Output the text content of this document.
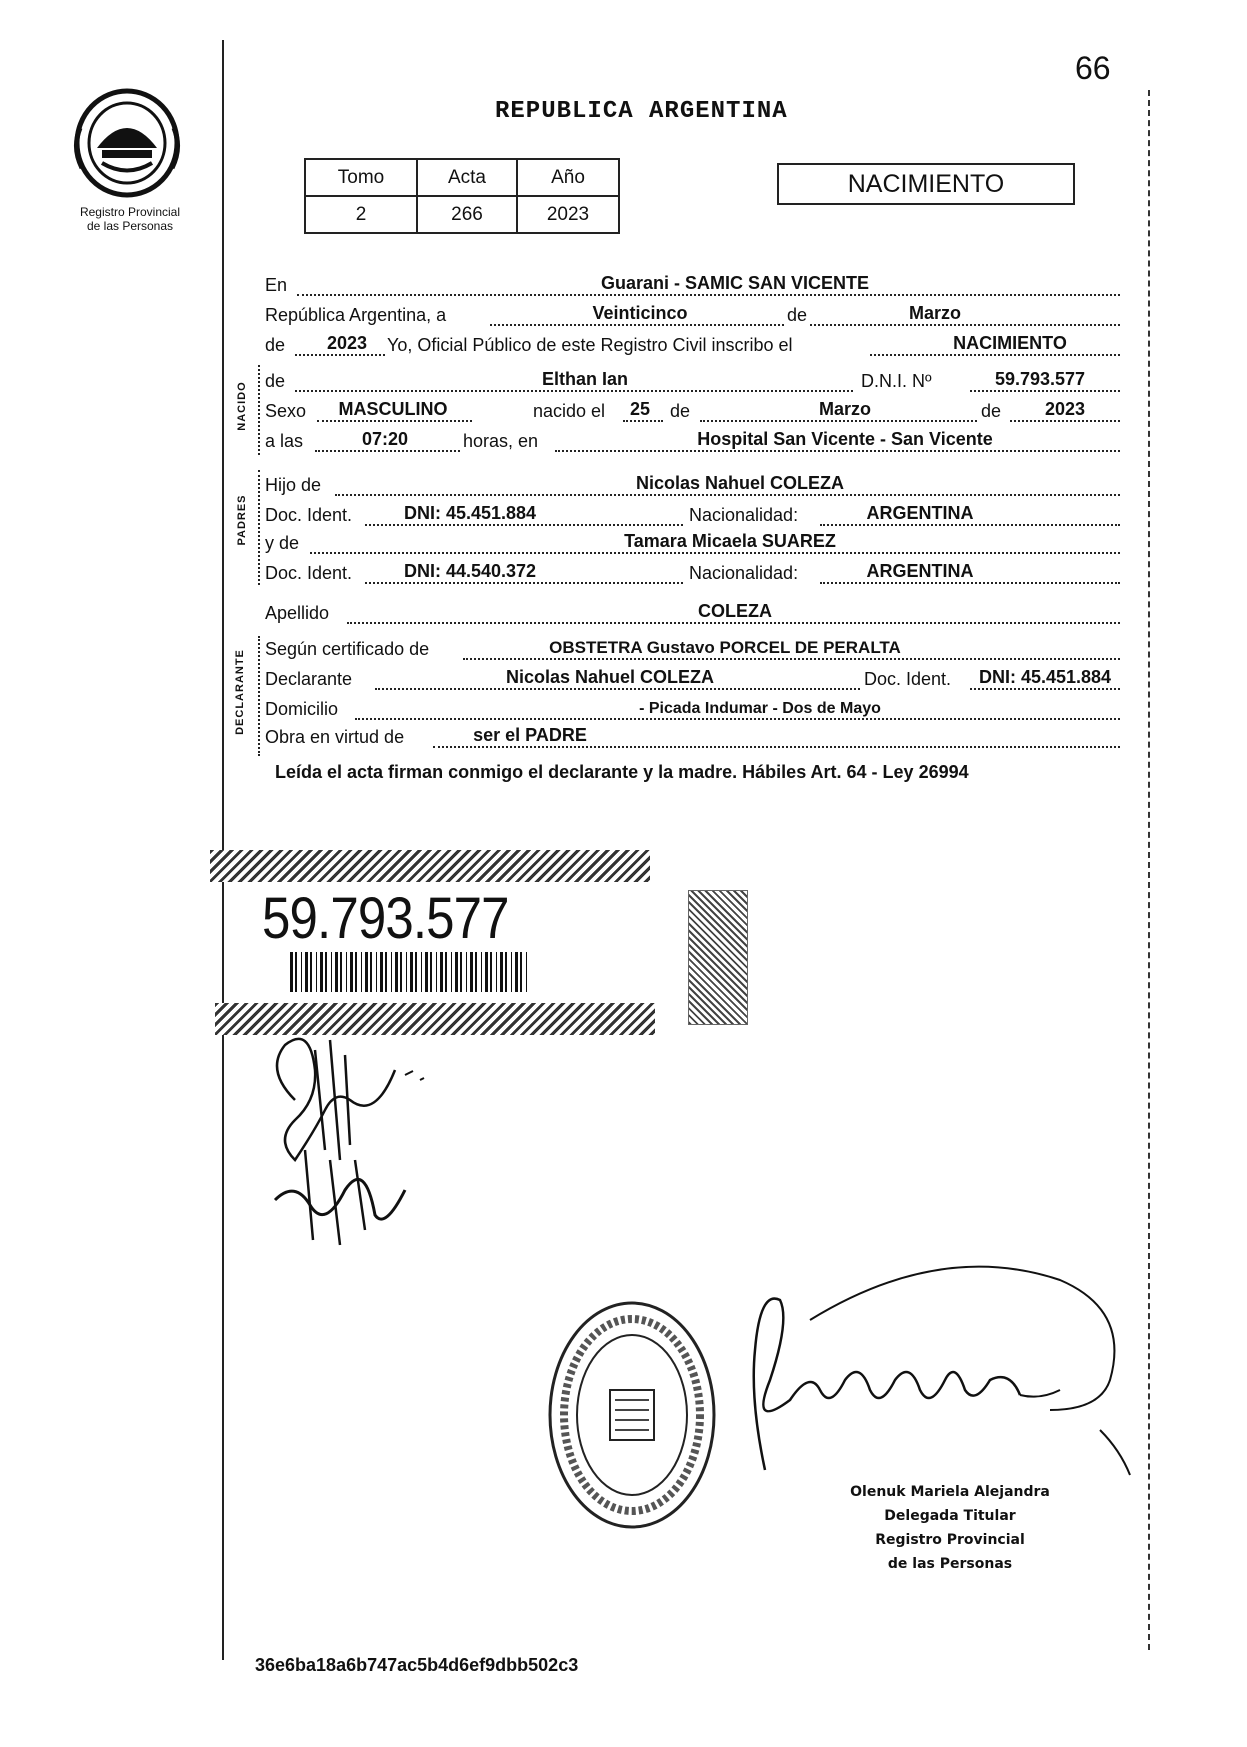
66
REPUBLICA ARGENTINA
Registro Provincial
de las Personas
Tomo	Acta	Año
2	266	2023
NACIMIENTO
En	Guarani - SAMIC SAN VICENTE
República Argentina, a	Veinticinco	de	Marzo
de	2023	Yo, Oficial Público de este Registro Civil inscribo el	NACIMIENTO
NACIDO
de	Elthan Ian	D.N.I. Nº	59.793.577
Sexo	MASCULINO	nacido el 25 de	Marzo	de	2023
a las	07:20	horas, en	Hospital San Vicente - San Vicente
PADRES
Hijo de	Nicolas Nahuel COLEZA
Doc. Ident.	DNI: 45.451.884	Nacionalidad:	ARGENTINA
y de	Tamara Micaela SUAREZ
Doc. Ident.	DNI: 44.540.372	Nacionalidad:	ARGENTINA
Apellido	COLEZA
DECLARANTE
Según certificado de	OBSTETRA Gustavo PORCEL DE PERALTA
Declarante	Nicolas Nahuel COLEZA	Doc. Ident.	DNI: 45.451.884
Domicilio	- Picada Indumar - Dos de Mayo
Obra en virtud de	ser el PADRE
Leída el acta firman conmigo el declarante y la madre. Hábiles Art. 64 - Ley 26994
59.793.577
Olenuk Mariela Alejandra
Delegada Titular
Registro Provincial
de las Personas
36e6ba18a6b747ac5b4d6ef9dbb502c3
